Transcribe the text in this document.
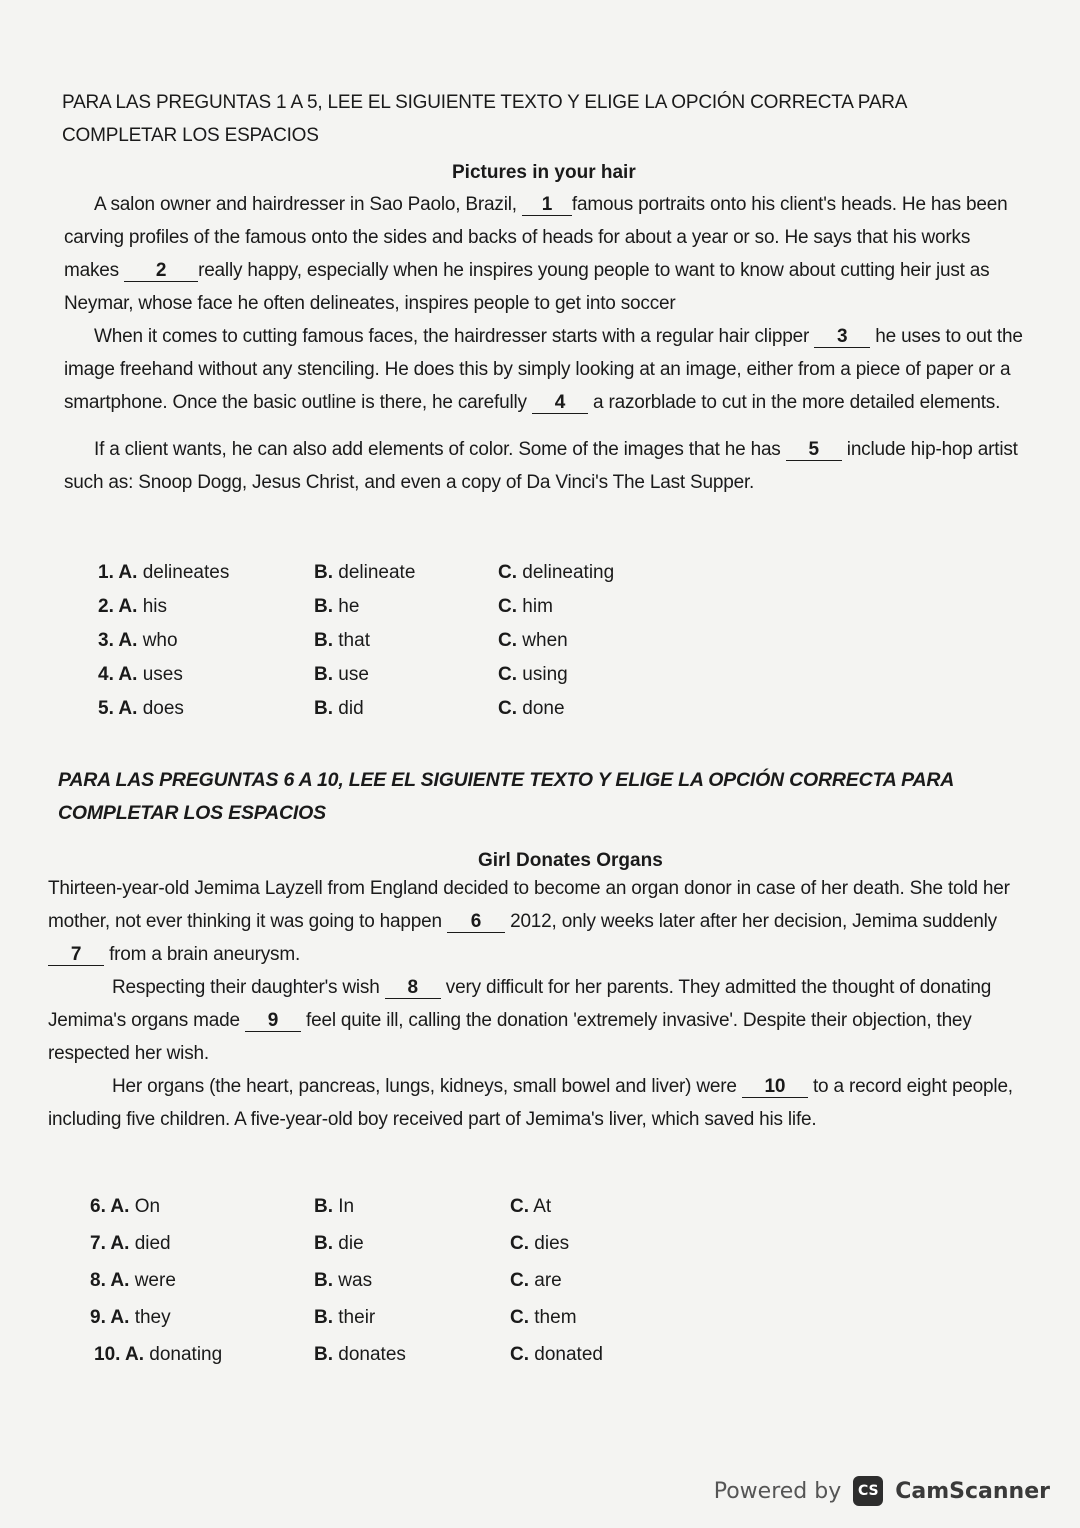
PARA LAS PREGUNTAS 1 A 5, LEE EL SIGUIENTE TEXTO Y ELIGE LA OPCIÓN CORRECTA PARA
COMPLETAR LOS ESPACIOS
Pictures in your hair

A salon owner and hairdresser in Sao Paolo, Brazil, 1 famous portraits onto his client's heads. He has been carving profiles of the famous onto the sides and backs of heads for about a year or so. He says that his works makes 2 really happy, especially when he inspires young people to want to know about cutting heir just as Neymar, whose face he often delineates, inspires people to get into soccer

When it comes to cutting famous faces, the hairdresser starts with a regular hair clipper 3 he uses to out the image freehand without any stenciling. He does this by simply looking at an image, either from a piece of paper or a smartphone. Once the basic outline is there, he carefully 4 a razorblade to cut in the more detailed elements.

If a client wants, he can also add elements of color. Some of the images that he has 5 include hip-hop artist such as: Snoop Dogg, Jesus Christ, and even a copy of Da Vinci's The Last Supper.

1. A. delineates	B. delineate	C. delineating
2. A. his	B. he	C. him
3. A. who	B. that	C. when
4. A. uses	B. use	C. using
5. A. does	B. did	C. done
PARA LAS PREGUNTAS 6 A 10, LEE EL SIGUIENTE TEXTO Y ELIGE LA OPCIÓN CORRECTA PARA
COMPLETAR LOS ESPACIOS
Girl Donates Organs

Thirteen-year-old Jemima Layzell from England decided to become an organ donor in case of her death. She told her mother, not ever thinking it was going to happen 6 2012, only weeks later after her decision, Jemima suddenly 7 from a brain aneurysm.

Respecting their daughter's wish 8 very difficult for her parents. They admitted the thought of donating Jemima's organs made 9 feel quite ill, calling the donation 'extremely invasive'. Despite their objection, they respected her wish.

Her organs (the heart, pancreas, lungs, kidneys, small bowel and liver) were 10 to a record eight people, including five children. A five-year-old boy received part of Jemima's liver, which saved his life.

6. A. On	B. In	C. At
7. A. died	B. die	C. dies
8. A. were	B. was	C. are
9. A. they	B. their	C. them
10. A. donating	B. donates	C. donated
Powered by	CS CamScanner
